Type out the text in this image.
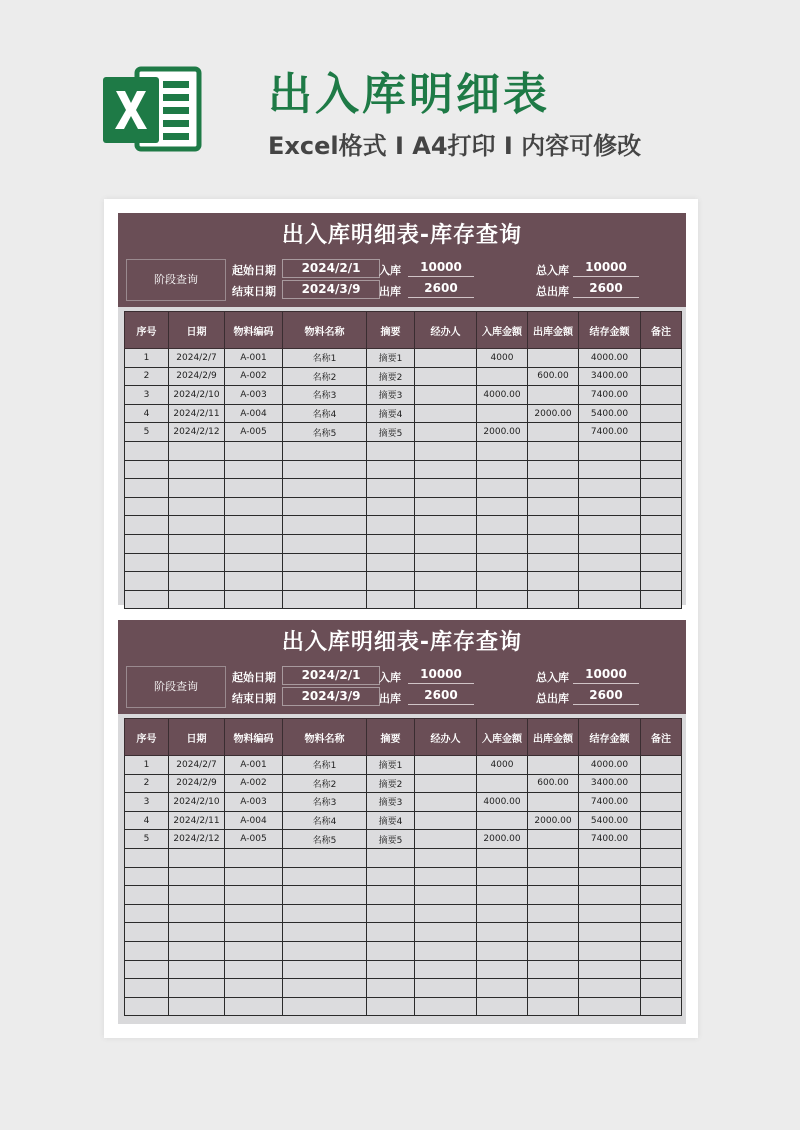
出入库明细表
Excel格式 I A4打印 I 内容可修改
出入库明细表-库存查询
阶段查询
起始日期	2024/2/1
结束日期	2024/3/9
入库	10000
出库	2600
总入库	10000
总出库	2600
序号	日期	物料编码	物料名称	摘要	经办人	入库金额	出库金额	结存金额	备注
1	2024/2/7	A-001	名称1	摘要1		4000		4000.00	
2	2024/2/9	A-002	名称2	摘要2			600.00	3400.00	
3	2024/2/10	A-003	名称3	摘要3		4000.00		7400.00	
4	2024/2/11	A-004	名称4	摘要4			2000.00	5400.00	
5	2024/2/12	A-005	名称5	摘要5		2000.00		7400.00	

出入库明细表-库存查询
阶段查询
起始日期	2024/2/1
结束日期	2024/3/9
入库	10000
出库	2600
总入库	10000
总出库	2600
序号	日期	物料编码	物料名称	摘要	经办人	入库金额	出库金额	结存金额	备注
1	2024/2/7	A-001	名称1	摘要1		4000		4000.00	
2	2024/2/9	A-002	名称2	摘要2			600.00	3400.00	
3	2024/2/10	A-003	名称3	摘要3		4000.00		7400.00	
4	2024/2/11	A-004	名称4	摘要4			2000.00	5400.00	
5	2024/2/12	A-005	名称5	摘要5		2000.00		7400.00	
